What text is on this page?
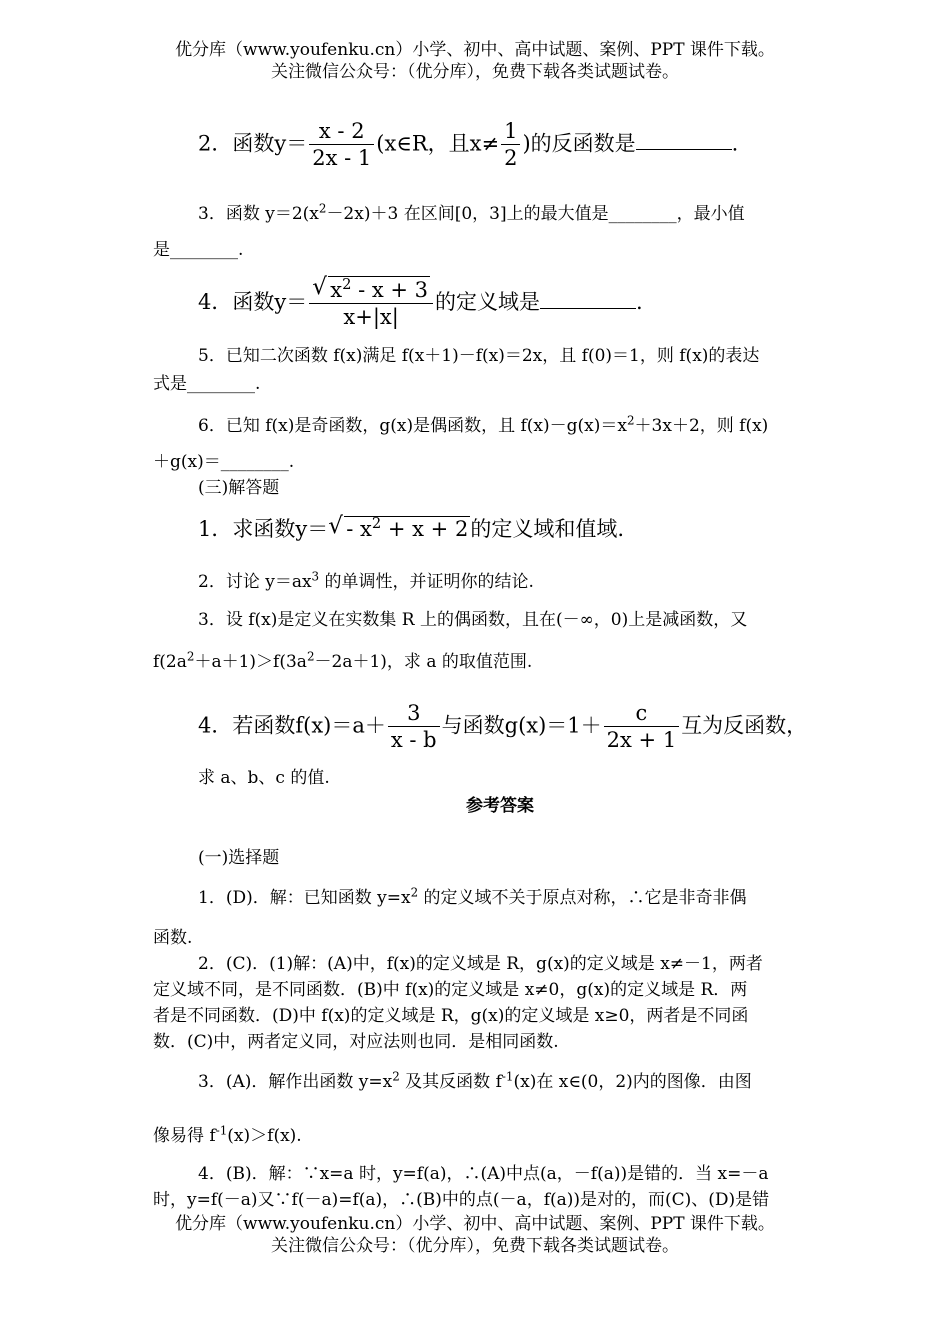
优分库（www.youfenku.cn）小学、初中、高中试题、案例、PPT 课件下载。
关注微信公众号：（优分库），免费下载各类试题试卷。
2．函数$y= \frac{x - 2}{2x - 1}$ (x∈R，且$x\ne \frac{1}{2}$ )的反函数是	.
3．函数 $y=2(x^2-2x)+3$ 在区间[0，3]上的最大值是________，最小值
是________.
4．函数$y= \frac{√ x^2 - x + 3}{x+|x|}$ 的定义域是	.
5．已知二次函数 f(x)满足 f(x＋1)－f(x)＝2x，且 f(0)＝1，则 f(x)的表达
式是________.
6．已知 f(x)是奇函数，g(x)是偶函数，且 $f(x)-g(x)=x^2+3x+2$，则 f(x)
＋g(x)＝________.
(三)解答题
1．求函数y＝ √ - $x^2 + x + 2$的定义域和值域.
2．讨论 $y=ax^3$ 的单调性，并证明你的结论.
3．设 f(x)是定义在实数集 R 上的偶函数，且在(－∞，0)上是减函数，又
$f(2a^2+a+1)>f(3a^2-2a+1)$，求 a 的取值范围.
4．若函数$f(x)=a+ \frac{3}{x - b}$ 与函数$g(x)=1+ \frac{c}{2x + 1}$ 互为反函数，
求 a、b、c 的值.
参考答案
(一)选择题
1．(D)．解：已知函数 $y=x^2$ 的定义域不关于原点对称，∴它是非奇非偶
函数.
2．(C)．(1)解：(A)中，f(x)的定义域是 R，g(x)的定义域是 x≠－1，两者
定义域不同，是不同函数．(B)中 f(x)的定义域是 x≠0，g(x)的定义域是 R．两
者是不同函数．(D)中 f(x)的定义域是 R，g(x)的定义域是 x≥0，两者是不同函
数．(C)中，两者定义同，对应法则也同．是相同函数.
3．(A)．解作出函数 $y=x^2$ 及其反函数 $f^{-1}(x)$在 x∈(0，2)内的图像．由图
像易得 $f^{-1}(x)>f(x)$.
4．(B)．解：∵x=a 时，y=f(a)，∴(A)中点(a，－f(a))是错的．当 x=－a
时，y=f(－a)又∵f(－a)=f(a)，∴(B)中的点(－a，f(a))是对的，而(C)、(D)是错
优分库（www.youfenku.cn）小学、初中、高中试题、案例、PPT 课件下载。
关注微信公众号：（优分库），免费下载各类试题试卷。
